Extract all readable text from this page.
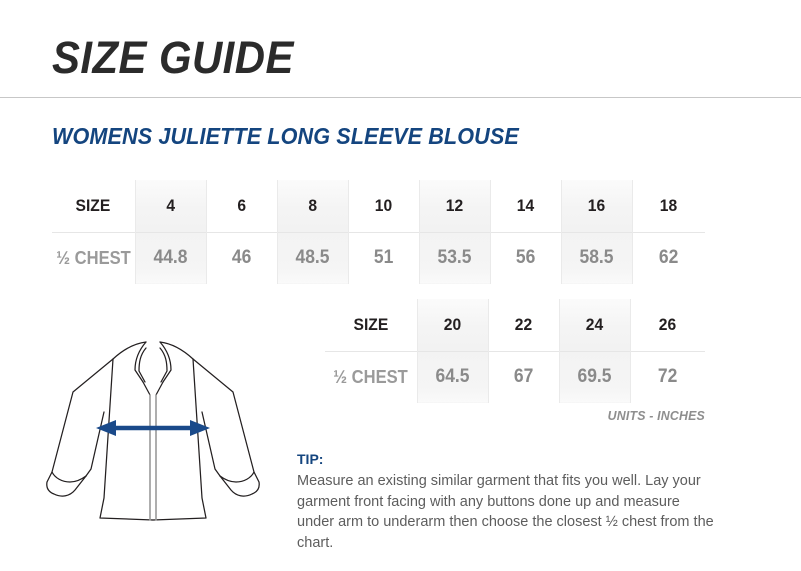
SIZE GUIDE
WOMENS JULIETTE LONG SLEEVE BLOUSE
SIZE	4	6	8	10	12	14	16	18
½ CHEST	44.8	46	48.5	51	53.5	56	58.5	62
SIZE	20	22	24	26
½ CHEST	64.5	67	69.5	72
UNITS - INCHES
TIP:
Measure an existing similar garment that fits you well. Lay your garment front facing with any buttons done up and measure under arm to underarm then choose the closest ½ chest from the chart.
